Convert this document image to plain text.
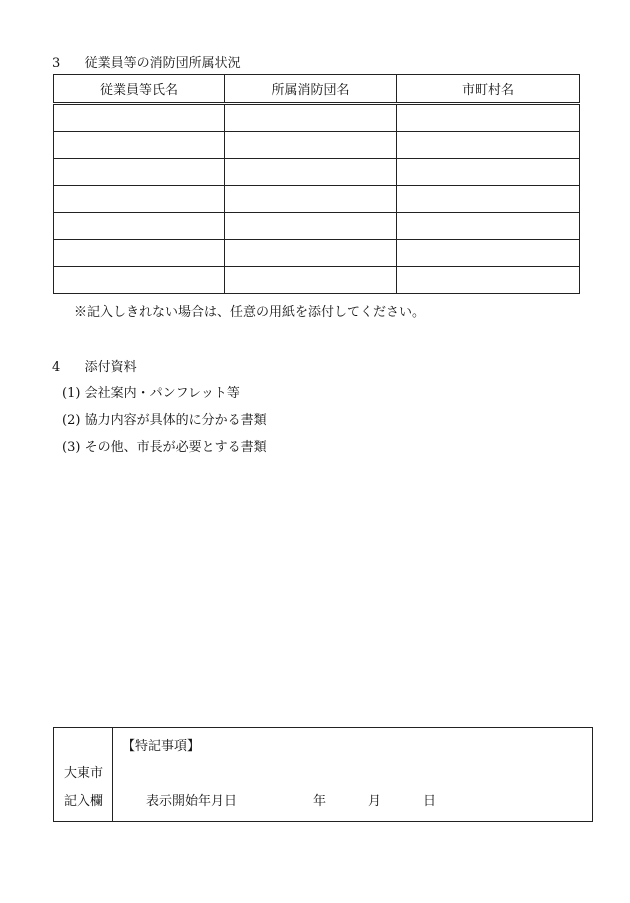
3 従業員等の消防団所属状況
従業員等氏名	所属消防団名	市町村名

※記入しきれない場合は、任意の用紙を添付してください。
4 添付資料
(1) 会社案内・パンフレット等
(2) 協力内容が具体的に分かる書類
(3) その他、市長が必要とする書類
大東市
記入欄
【特記事項】
表示開始年月日	年	月	日
